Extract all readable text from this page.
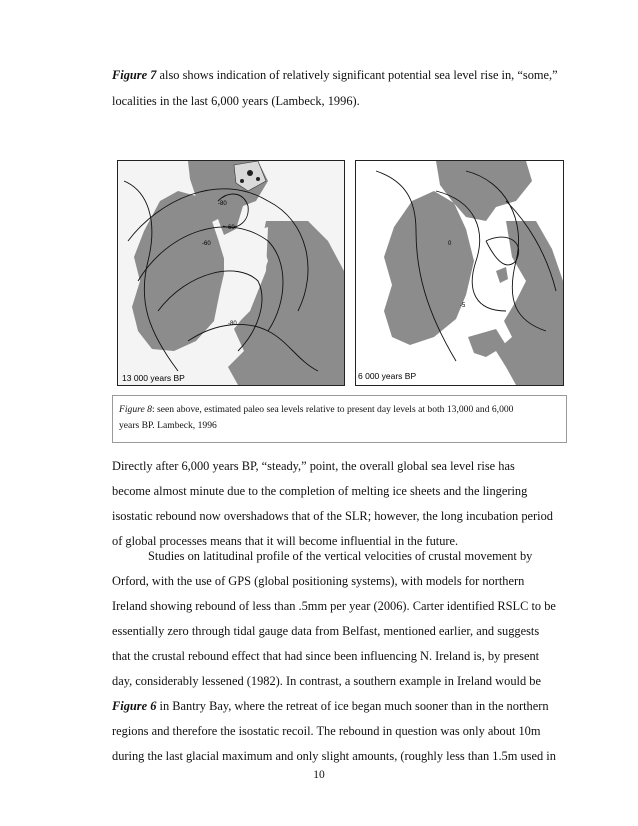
Figure 7 also shows indication of relatively significant potential sea level rise in, “some,”
localities in the last 6,000 years (Lambeck, 1996).
-80
-60
-60
-80
13 000 years BP
0
-5
6 000 years BP
Figure 8: seen above, estimated paleo sea levels relative to present day levels at both 13,000 and 6,000
years BP. Lambeck, 1996
Directly after 6,000 years BP, “steady,” point, the overall global sea level rise has
become almost minute due to the completion of melting ice sheets and the lingering
isostatic rebound now overshadows that of the SLR; however, the long incubation period
of global processes means that it will become influential in the future.
Studies on latitudinal profile of the vertical velocities of crustal movement by
Orford, with the use of GPS (global positioning systems), with models for northern
Ireland showing rebound of less than .5mm per year (2006). Carter identified RSLC to be
essentially zero through tidal gauge data from Belfast, mentioned earlier, and suggests
that the crustal rebound effect that had since been influencing N. Ireland is, by present
day, considerably lessened (1982). In contrast, a southern example in Ireland would be
Figure 6 in Bantry Bay, where the retreat of ice began much sooner than in the northern
regions and therefore the isostatic recoil. The rebound in question was only about 10m
during the last glacial maximum and only slight amounts, (roughly less than 1.5m used in
10
